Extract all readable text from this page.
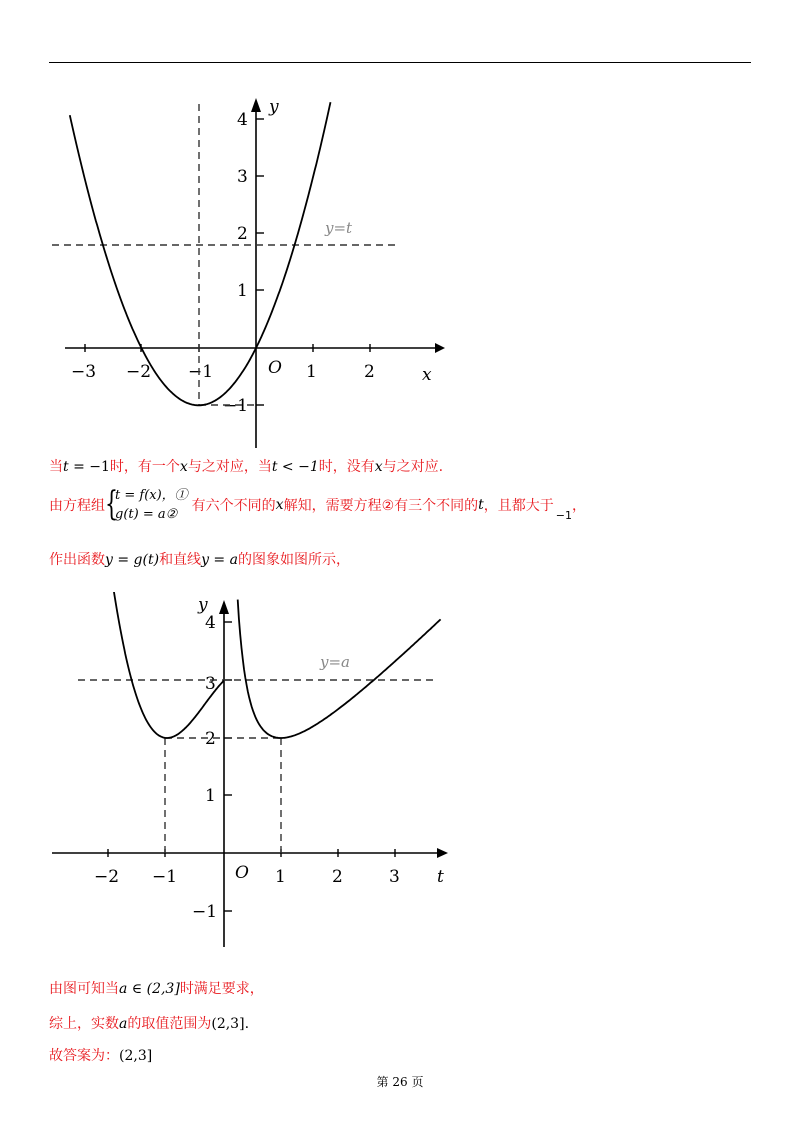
−3 −2 −1	1	2
4
3
2
1
−1
O	x
y
y=t
当t = −1时，有一个x与之对应，当t < −1时，没有x与之对应.
由方程组 {
t = f(x)，①
g(t) = a②
有六个不同的x解知，需要方程②有三个不同的t，且都大于−1，
作出函数y = g(t)和直线y = a的图象如图所示，
−2 −1	1	2	3
4
3
2
1
−1
O	t
y
y=a
由图可知当a ∈ (2,3]时满足要求，
综上，实数a的取值范围为(2,3].
故答案为：(2,3]
第 26 页
